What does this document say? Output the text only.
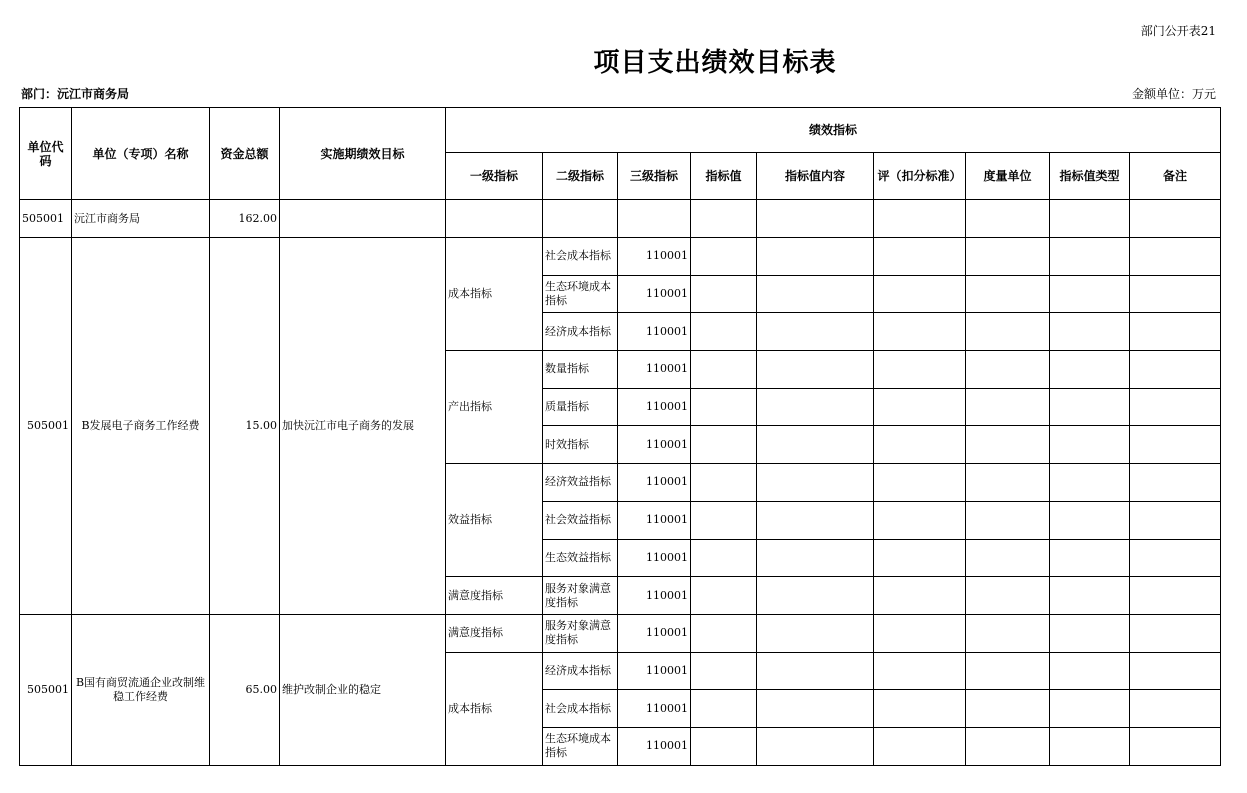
部门公开表21
项目支出绩效目标表
部门：沅江市商务局	金额单位：万元
单位代码	单位（专项）名称	资金总额	实施期绩效目标	绩效指标								
				一级指标	二级指标	三级指标	指标值	指标值内容	评（扣分标准）	度量单位	指标值类型	备注
505001	沅江市商务局	162.00										
505001	B发展电子商务工作经费	15.00	加快沅江市电子商务的发展	成本指标	社会成本指标	110001						
					生态环境成本指标	110001						
					经济成本指标	110001						
				产出指标	数量指标	110001						
					质量指标	110001						
					时效指标	110001						
				效益指标	经济效益指标	110001						
					社会效益指标	110001						
					生态效益指标	110001						
				满意度指标	服务对象满意度指标	110001						
505001	B国有商贸流通企业改制维稳工作经费	65.00	维护改制企业的稳定	满意度指标	服务对象满意度指标	110001						
				成本指标	经济成本指标	110001						
					社会成本指标	110001						
					生态环境成本指标	110001						
